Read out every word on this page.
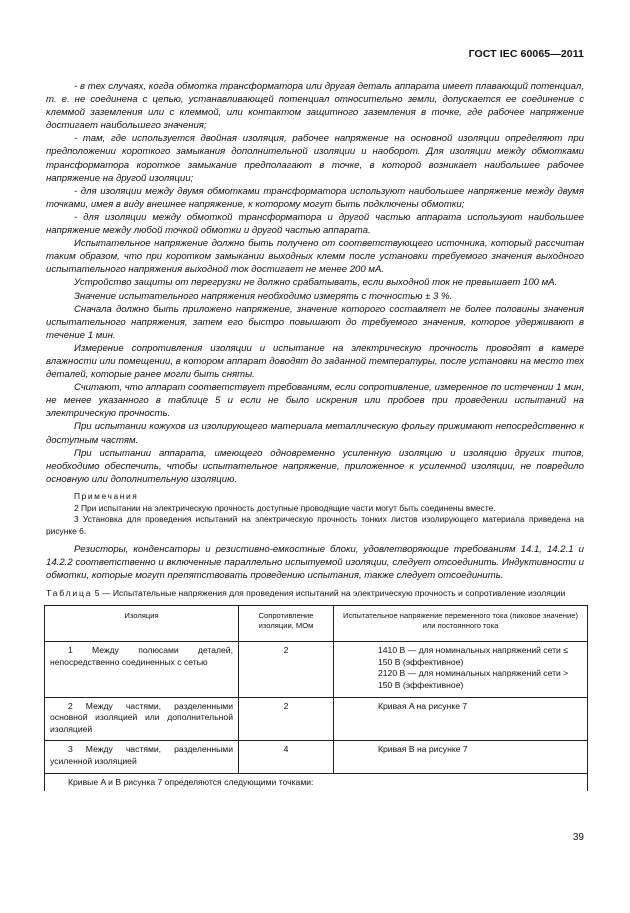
ГОСТ IEC 60065—2011

- в тех случаях, когда обмотка трансформатора или другая деталь аппарата имеет плавающий потенциал, т. е. не соединена с цепью, устанавливающей потенциал относительно земли, допускается ее соединение с клеммой заземления или с клеммой, или контактом защитного заземления в точке, где рабочее напряжение достигает наибольшего значения;

- там, где используется двойная изоляция, рабочее напряжение на основной изоляции определяют при предположении короткого замыкания дополнительной изоляции и наоборот. Для изоляции между обмотками трансформатора короткое замыкание предполагают в точке, в которой возникает наибольшее рабочее напряжение на другой изоляции;

- для изоляции между двумя обмотками трансформатора используют наибольшее напряжение между двумя точками, имея в виду внешнее напряжение, к которому могут быть подключены обмотки;

- для изоляции между обмоткой трансформатора и другой частью аппарата используют наибольшее напряжение между любой точкой обмотки и другой частью аппарата.

Испытательное напряжение должно быть получено от соответствующего источника, который рассчитан таким образом, что при коротком замыкании выходных клемм после установки требуемого значения выходного испытательного напряжения выходной ток достигает не менее 200 мА.

Устройство защиты от перегрузки не должно срабатывать, если выходной ток не превышает 100 мА.

Значение испытательного напряжения необходимо измерять с точностью ± 3 %.

Сначала должно быть приложено напряжение, значение которого составляет не более половины значения испытательного напряжения, затем его быстро повышают до требуемого значения, которое удерживают в течение 1 мин.

Измерение сопротивления изоляции и испытание на электрическую прочность проводят в камере влажности или помещении, в котором аппарат доводят до заданной температуры, после установки на место тех деталей, которые ранее могли быть сняты.

Считают, что аппарат соответствует требованиям, если сопротивление, измеренное по истечении 1 мин, не менее указанного в таблице 5 и если не было искрения или пробоев при проведении испытаний на электрическую прочность.

При испытании кожухов из изолирующего материала металлическую фольгу прижимают непосредственно к доступным частям.

При испытании аппарата, имеющего одновременно усиленную изоляцию и изоляцию других типов, необходимо обеспечить, чтобы испытательное напряжение, приложенное к усиленной изоляции, не повредило основную или дополнительную изоляцию.

Примечания
2 При испытании на электрическую прочность доступные проводящие части могут быть соединены вместе.
3 Установка для проведения испытаний на электрическую прочность тонких листов изолирующего материала приведена на рисунке 6.

Резисторы, конденсаторы и резистивно-емкостные блоки, удовлетворяющие требованиям 14.1, 14.2.1 и 14.2.2 соответственно и включенные параллельно испытуемой изоляции, следует отсоединить. Индуктивности и обмотки, которые могут препятствовать проведению испытания, также следует отсоединить.

Таблица 5 — Испытательные напряжения для проведения испытаний на электрическую прочность и сопротивление изоляции
Изоляция	Сопротивление изоляции, МОм	Испытательное напряжение переменного тока (пиковое значение) или постоянного тока
1 Между полюсами деталей, непосредственно соединенных с сетью	2	1410 В — для номинальных напряжений сети ≤ 150 В (эффективное)
2120 В — для номинальных напряжений сети > 150 В (эффективное)

2 Между частями, разделенными основной изоляцией или дополнительной изоляцией	2	Кривая A на рисунке 7

3 Между частями, разделенными усиленной изоляцией	4	Кривая B на рисунке 7

Кривые A и B рисунка 7 определяются следующими точками:		
39
